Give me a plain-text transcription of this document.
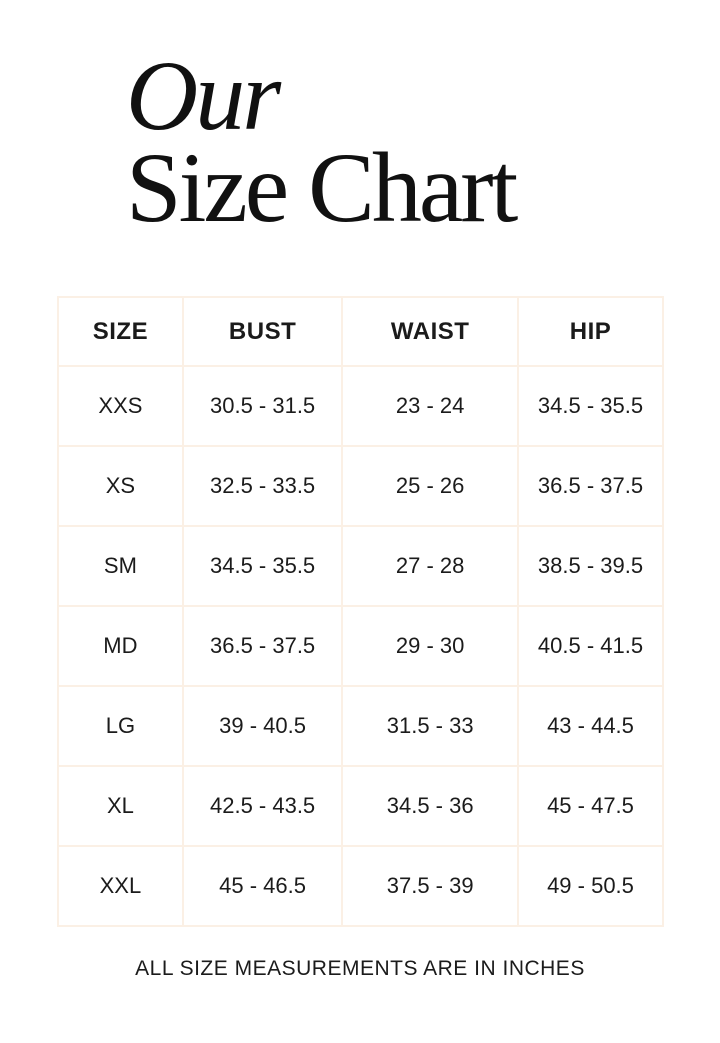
Our
Size Chart
SIZE	BUST	WAIST	HIP
XXS	30.5 - 31.5	23 - 24	34.5 - 35.5
XS	32.5 - 33.5	25 - 26	36.5 - 37.5
SM	34.5 - 35.5	27 - 28	38.5 - 39.5
MD	36.5 - 37.5	29 - 30	40.5 - 41.5
LG	39 - 40.5	31.5 - 33	43 - 44.5
XL	42.5 - 43.5	34.5 - 36	45 - 47.5
XXL	45 - 46.5	37.5 - 39	49 - 50.5
ALL SIZE MEASUREMENTS ARE IN INCHES
